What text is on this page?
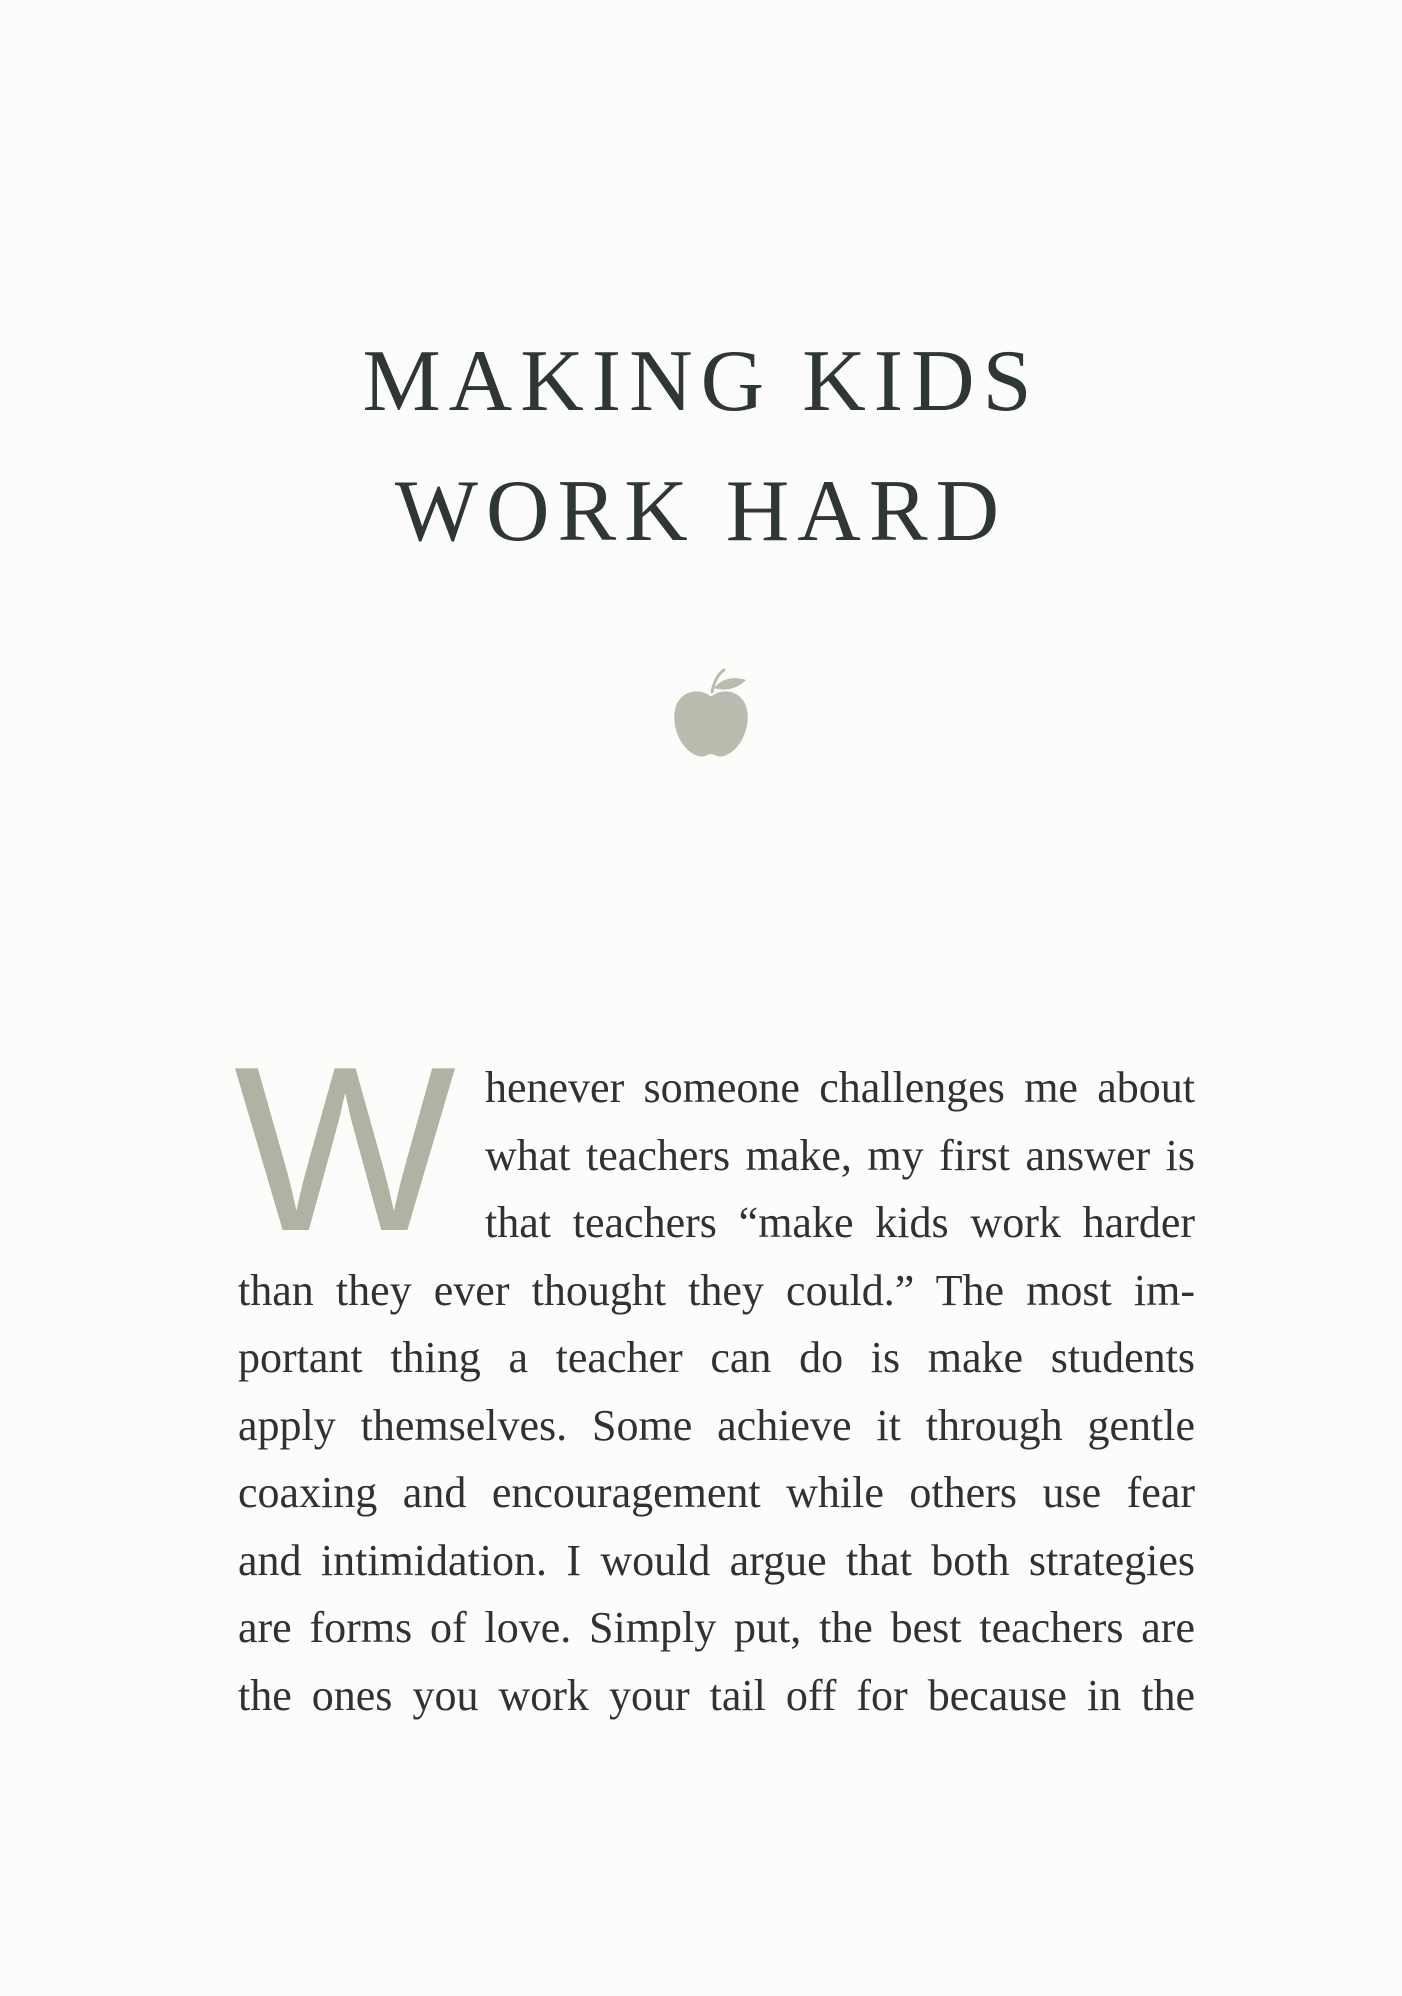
MAKING KIDS
WORK HARD
W henever someone challenges me about
what teachers make, my first answer is
that teachers “make kids work harder
than they ever thought they could.” The most im-
portant thing a teacher can do is make students
apply themselves. Some achieve it through gentle
coaxing and encouragement while others use fear
and intimidation. I would argue that both strategies
are forms of love. Simply put, the best teachers are
the ones you work your tail off for because in the
